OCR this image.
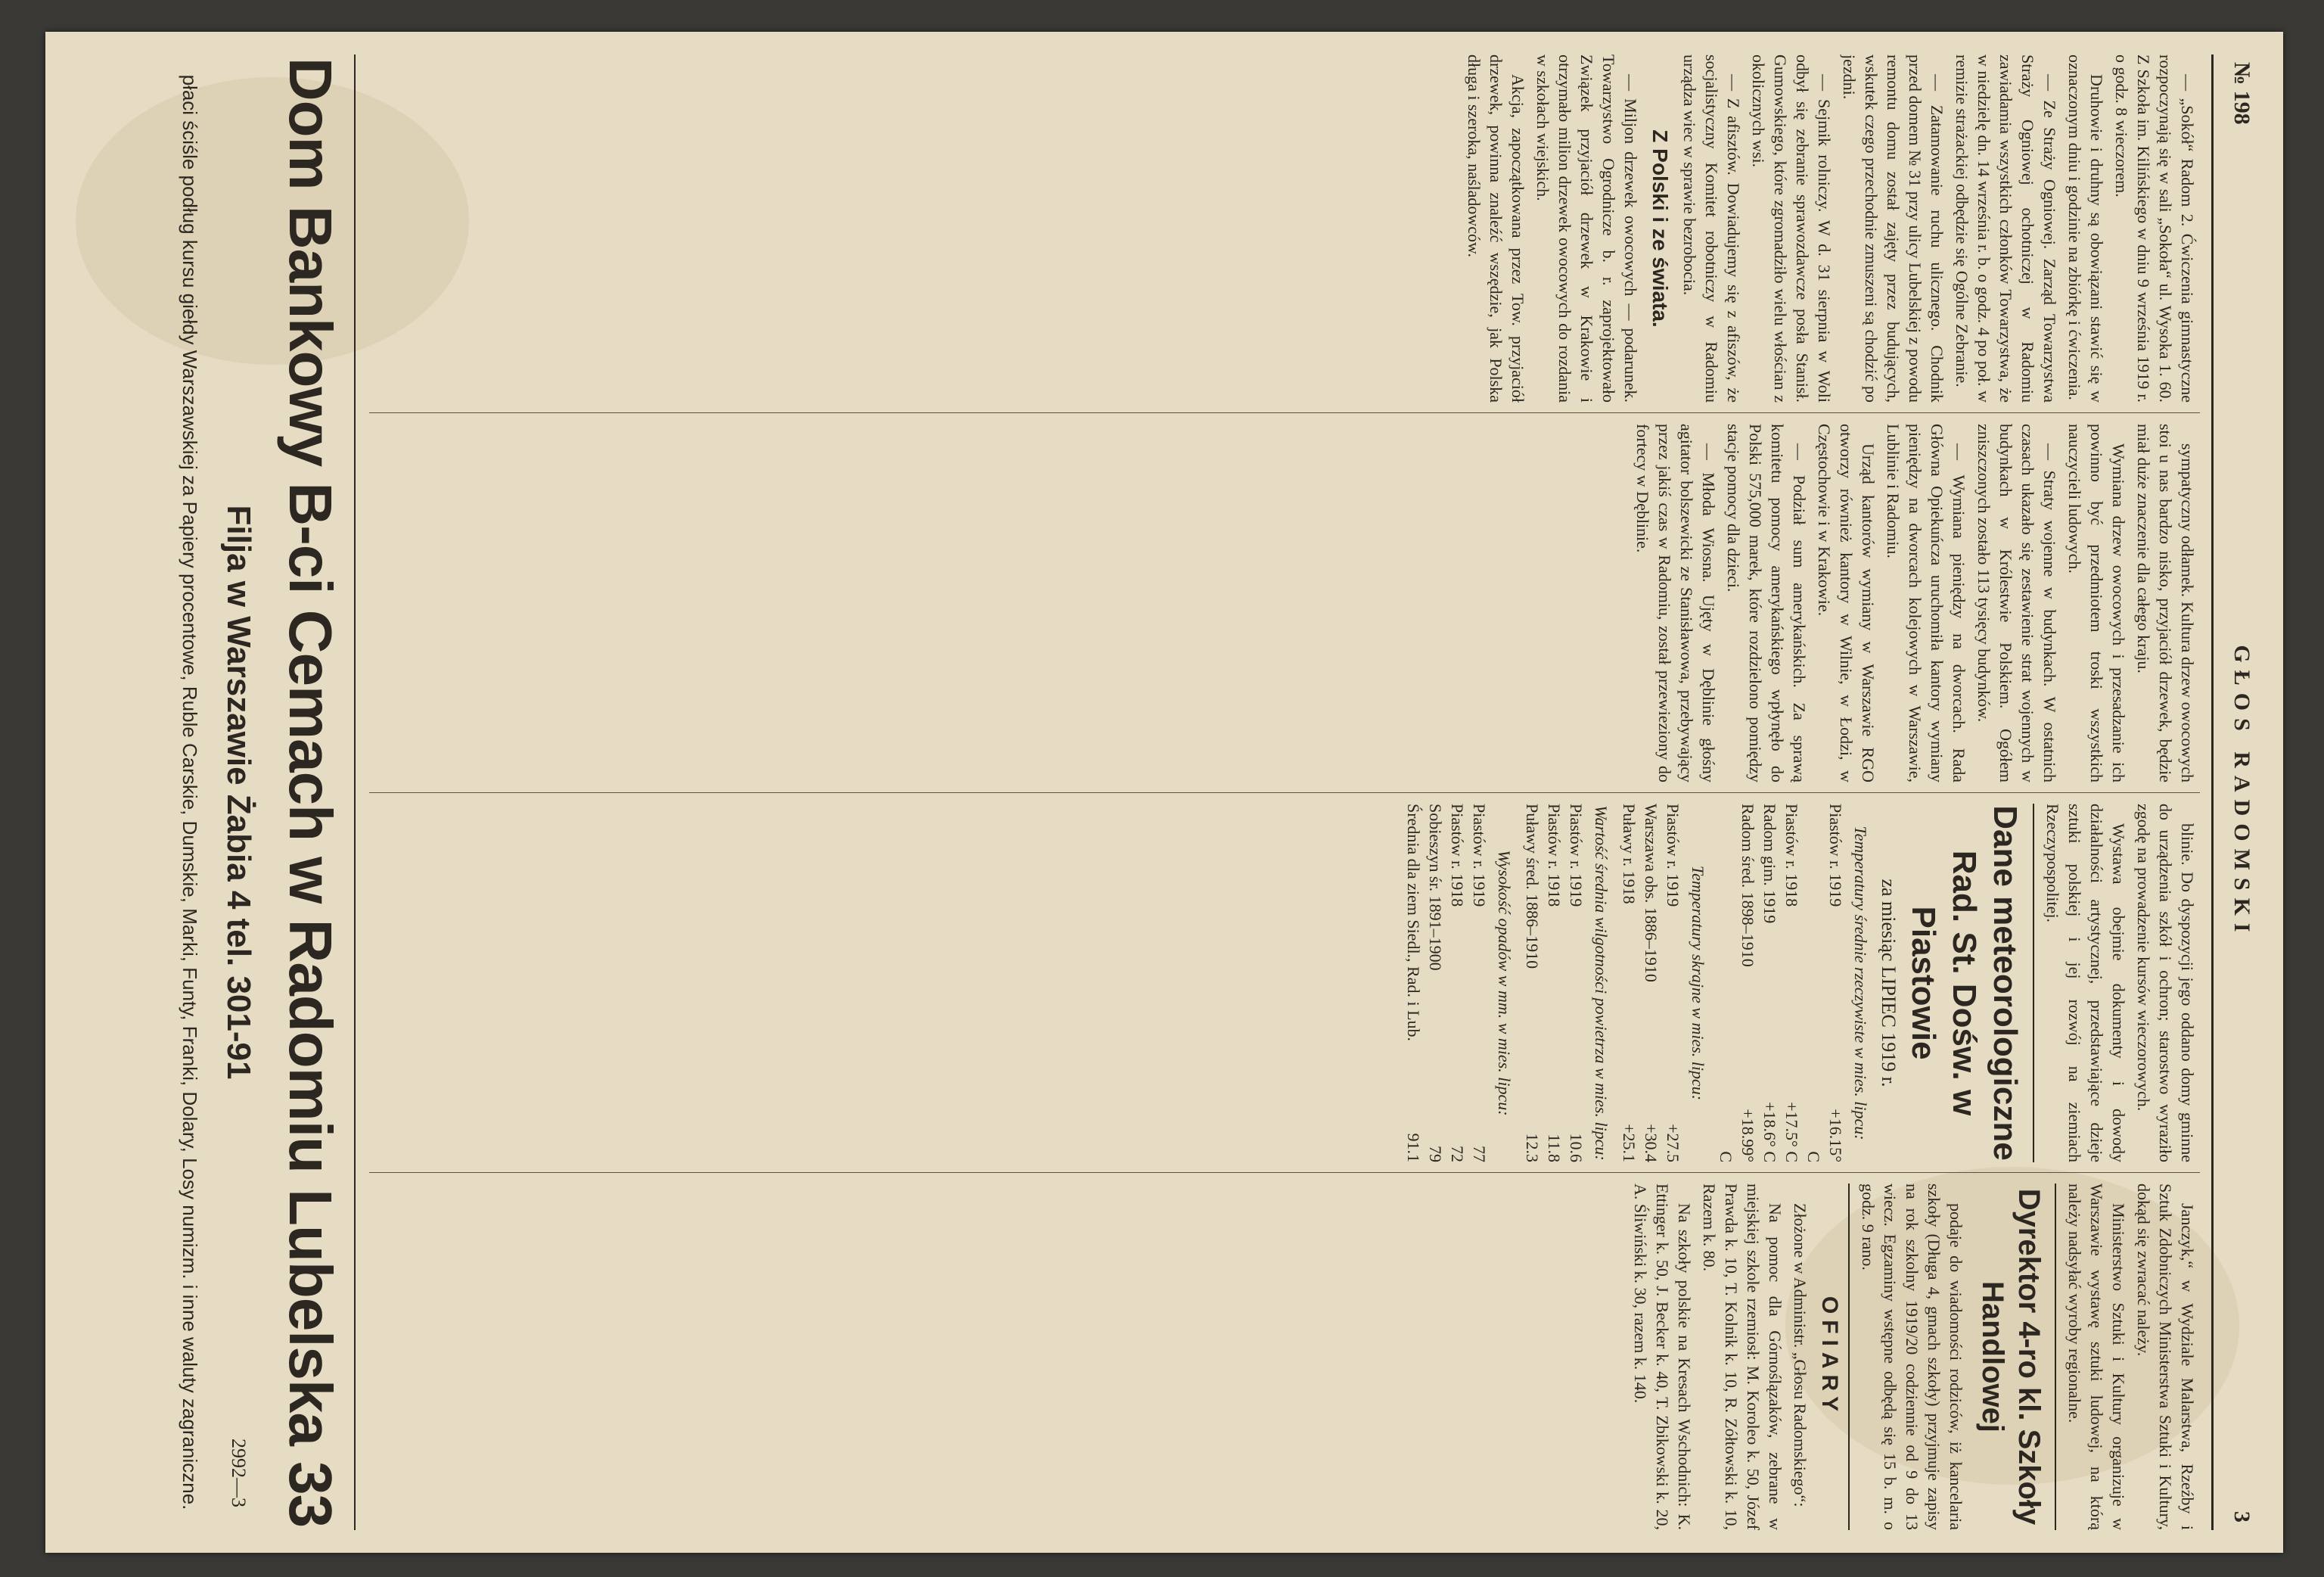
№ 198
GŁOS RADOMSKI
3

— „Sokół“ Radom 2. Ćwiczenia gimnastyczne rozpoczynają się w sali „Sokoła“ ul. Wysoka 1. 60. Z Szkoła im. Kilińskiego w dniu 9 września 1919 r. o godz. 8 wieczorem.

Druhowie i druhny są obowiązani stawić się w oznaczonym dniu i godzinie na zbiórkę i ćwiczenia.

— Ze Straży Ogniowej. Zarząd Towarzystwa Straży Ogniowej ochotniczej w Radomiu zawiadamia wszystkich członków Towarzystwa, że w niedzielę dn. 14 września r. b. o godz. 4 po poł. w remizie strażackiej odbędzie się Ogólne Zebranie.

— Zatamowanie ruchu ulicznego. Chodnik przed domem № 31 przy ulicy Lubelskiej z powodu remontu domu został zajęty przez budujących, wskutek czego przechodnie zmuszeni są chodzić po jezdni.

— Sejmik rolniczy. W d. 31 sierpnia w Woli odbył się zebranie sprawozdawcze posła Stanisł. Gumowskiego, które zgromadziło wielu włościan z okolicznych wsi.

— Z afisztów. Dowiadujemy się z afiszów, że socjalistyczny Komitet robotniczy w Radomiu urządza wiec w sprawie bezrobocia.

Z Polski i ze świata.

— Miljon drzewek owocowych — podarunek. Towarzystwo Ogrodnicze b. r. zaprojektowało Związek przyjaciół drzewek w Krakowie i otrzymało milion drzewek owocowych do rozdania w szkołach wiejskich.

Akcja, zapoczątkowana przez Tow. przyjaciół drzewek, powinna znaleźć wszędzie, jak Polska długa i szeroka, naśladowców.

sympatyczny odłamek. Kultura drzew owocowych stoi u nas bardzo nisko, przyjaciół drzewek, będzie miał duże znaczenie dla całego kraju.

Wymiana drzew owocowych i przesadzanie ich powinno być przedmiotem troski wszystkich nauczycieli ludowych.

— Straty wojenne w budynkach. W ostatnich czasach ukazało się zestawienie strat wojennych w budynkach w Królestwie Polskiem. Ogółem zniszczonych zostało 113 tysięcy budynków.

— Wymiana pieniędzy na dworcach. Rada Główna Opiekuńcza uruchomiła kantory wymiany pieniędzy na dworcach kolejowych w Warszawie, Lublinie i Radomiu.

Urząd kantorów wymiany w Warszawie RGO otworzy również kantory w Wilnie, w Łodzi, w Częstochowie i w Krakowie.

— Podział sum amerykańskich. Za sprawą komitetu pomocy amerykańskiego wpłynęło do Polski 575,000 marek, które rozdzielono pomiędzy stacje pomocy dla dzieci.

— Młoda Wiosna. Ujęty w Dęblinie głośny agitator bolszewicki ze Stanisławowa, przebywający przez jakiś czas w Radomiu, został przewieziony do fortecy w Dęblinie.

blinie. Do dyspozycji jego oddano domy gminne do urządzenia szkół i ochron; starostwo wyraziło zgodę na prowadzenie kursów wieczorowych.

Wystawa obejmie dokumenty i dowody działalności artystycznej, przedstawiające dzieje sztuki polskiej i jej rozwój na ziemiach Rzeczypospolitej.

Dane meteorologiczne Rad. St. Dośw. w Piastowie
za miesiąc LIPIEC 1919 r.

Temperatury średnie rzeczywiste w mies. lipcu:

Piastów r. 1919
+16.15° C
Piastów r. 1918
+17.5° C
Radom gim. 1919
+18.6° C
Radom śred. 1898–1910
+18.99° C

Temperatury skrajne w mies. lipcu:

Piastów r. 1919
+27.5
Warszawa obs. 1886–1910
+30.4
Puławy r. 1918
+25.1

Wartość średnia wilgotności powietrza w mies. lipcu:

Piastów r. 1919
10.6
Piastów r. 1918
11.8
Puławy śred. 1886–1910
12.3

Wysokość opadów w mm. w mies. lipcu:

Piastów r. 1919
77
Piastów r. 1918
72
Sobieszyn śr. 1891–1900
79
Średnia dla ziem Siedl., Rad. i Lub.
91.1

Janczyk,“ w Wydziale Malarstwa, Rzeźby i Sztuk Zdobniczych Ministerstwa Sztuki i Kultury, dokąd się zwracać należy.

Ministerstwo Sztuki i Kultury organizuje w Warszawie wystawę sztuki ludowej, na którą należy nadsyłać wyroby regionalne.

Dyrektor 4-ro kl. Szkoły Handlowej

podaje do wiadomości rodziców, iż kancelaria szkoły (Długa 4, gmach szkoły) przyjmuje zapisy na rok szkolny 1919/20 codziennie od 9 do 13 wiecz. Egzaminy wstępne odbędą się 15 b. m. o godz. 9 rano.

OFIARY

Złożone w Administr. „Głosu Radomskiego“:

Na pomoc dla Górnoślązaków, zebrane w miejskiej szkole rzemiosł: M. Koroleo k. 50, Józef Prawda k. 10, T. Kolnik k. 10, R. Zółtowski k. 10, Razem k. 80.

Na szkoły polskie na Kresach Wschodnich: K. Ettinger k. 50, J. Becker k. 40, T. Zbikowski k. 20, A. Śliwiński k. 30, razem k. 140.

Dom Bankowy B-ci Cemach w Radomiu Lubelska 33
Filja w Warszawie Żabia 4 tel. 301-91
2992—3
płaci ściśle podług kursu giełdy Warszawskiej za Papiery procentowe, Ruble Carskie, Dumskie, Marki, Funty, Franki, Dolary, Losy numizm. i inne waluty zagraniczne.
